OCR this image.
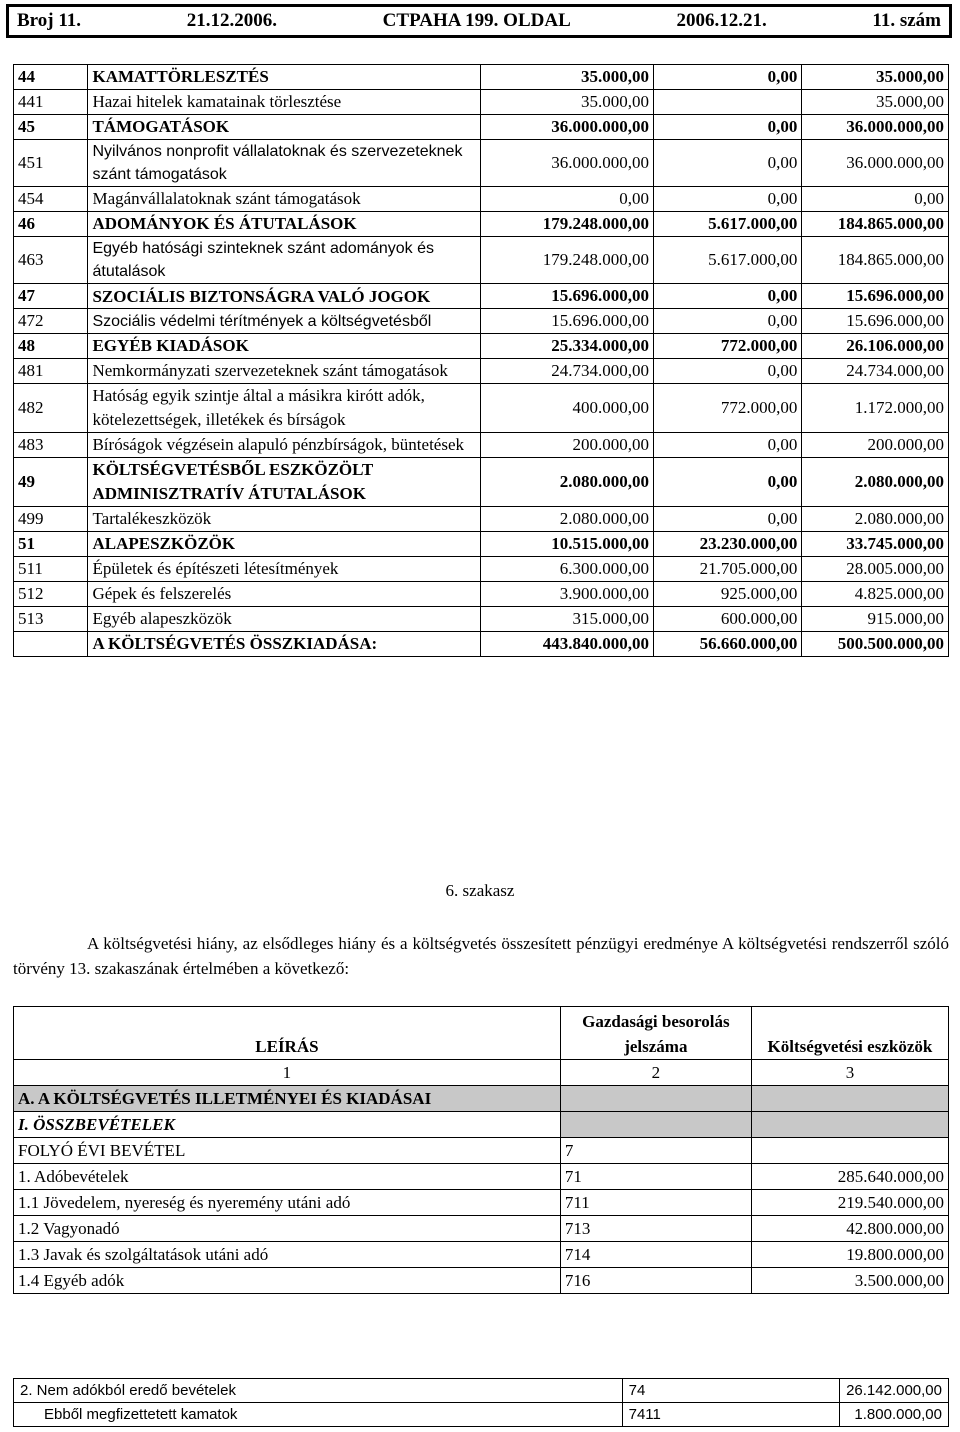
Broj 11.	21.12.2006.	CTPAHA 199. OLDAL	2006.12.21.	11. szám
44	KAMATTÖRLESZTÉS	35.000,00	0,00	35.000,00
441	Hazai hitelek kamatainak törlesztése	35.000,00		35.000,00
45	TÁMOGATÁSOK	36.000.000,00	0,00	36.000.000,00
451	Nyilvános nonprofit vállalatoknak és szervezeteknek szánt támogatások	36.000.000,00	0,00	36.000.000,00
454	Magánvállalatoknak szánt támogatások	0,00	0,00	0,00
46	ADOMÁNYOK ÉS ÁTUTALÁSOK	179.248.000,00	5.617.000,00	184.865.000,00
463	Egyéb hatósági szinteknek szánt adományok és átutalások	179.248.000,00	5.617.000,00	184.865.000,00
47	SZOCIÁLIS BIZTONSÁGRA VALÓ JOGOK	15.696.000,00	0,00	15.696.000,00
472	Szociális védelmi térítmények a költségvetésből	15.696.000,00	0,00	15.696.000,00
48	EGYÉB KIADÁSOK	25.334.000,00	772.000,00	26.106.000,00
481	Nemkormányzati szervezeteknek szánt támogatások	24.734.000,00	0,00	24.734.000,00
482	Hatóság egyik szintje által a másikra kirótt adók, kötelezettségek, illetékek és bírságok	400.000,00	772.000,00	1.172.000,00
483	Bíróságok végzésein alapuló pénzbírságok, büntetések	200.000,00	0,00	200.000,00
49	KÖLTSÉGVETÉSBŐL ESZKÖZÖLT ADMINISZTRATÍV ÁTUTALÁSOK	2.080.000,00	0,00	2.080.000,00
499	Tartalékeszközök	2.080.000,00	0,00	2.080.000,00
51	ALAPESZKÖZÖK	10.515.000,00	23.230.000,00	33.745.000,00
511	Épületek és építészeti létesítmények	6.300.000,00	21.705.000,00	28.005.000,00
512	Gépek és felszerelés	3.900.000,00	925.000,00	4.825.000,00
513	Egyéb alapeszközök	315.000,00	600.000,00	915.000,00
	A KÖLTSÉGVETÉS ÖSSZKIADÁSA:	443.840.000,00	56.660.000,00	500.500.000,00
6. szakasz
A költségvetési hiány, az elsődleges hiány és a költségvetés összesített pénzügyi eredménye A költségvetési rendszerről szóló törvény 13. szakaszának értelmében a következő:
LEÍRÁS	Gazdasági besorolás jelszáma	Költségvetési eszközök
1	2	3
A. A KÖLTSÉGVETÉS ILLETMÉNYEI ÉS KIADÁSAI		
I. ÖSSZBEVÉTELEK		
FOLYÓ ÉVI BEVÉTEL	7	
1. Adóbevételek	71	285.640.000,00
1.1 Jövedelem, nyereség és nyeremény utáni adó	711	219.540.000,00
1.2 Vagyonadó	713	42.800.000,00
1.3 Javak és szolgáltatások utáni adó	714	19.800.000,00
1.4 Egyéb adók	716	3.500.000,00
2. Nem adókból eredő bevételek	74	26.142.000,00
Ebből megfizettetett kamatok	7411	1.800.000,00
